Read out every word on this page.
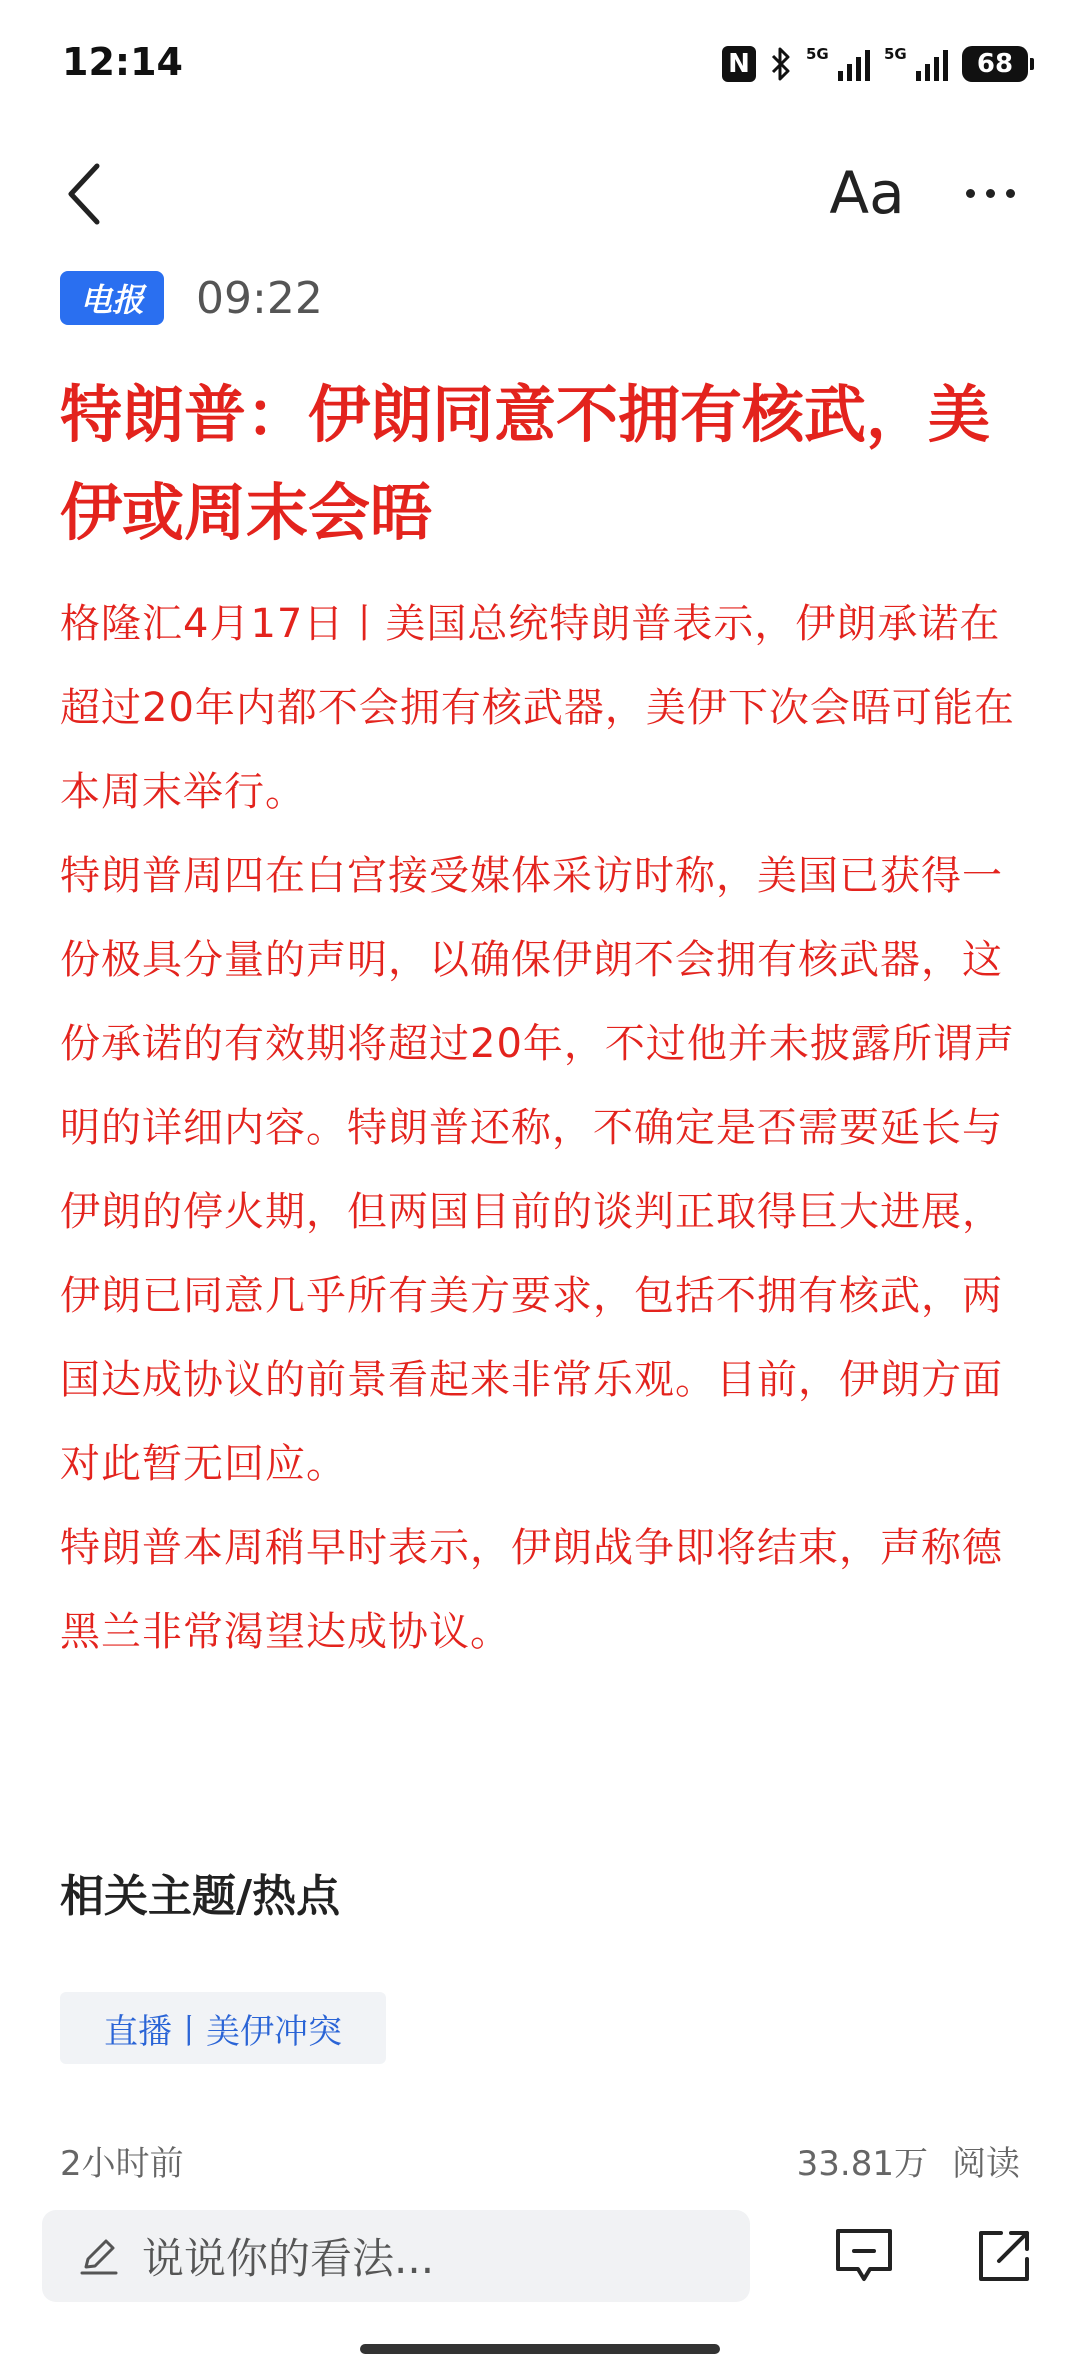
12:14	N	5G	5G	68
Aa
电报	09:22
特朗普：伊朗同意不拥有核武，美伊或周末会晤

格隆汇4月17日丨美国总统特朗普表示，伊朗承诺在超过20年内都不会拥有核武器，美伊下次会晤可能在本周末举行。

特朗普周四在白宫接受媒体采访时称，美国已获得一份极具分量的声明，以确保伊朗不会拥有核武器，这份承诺的有效期将超过20年，不过他并未披露所谓声明的详细内容。特朗普还称，不确定是否需要延长与伊朗的停火期，但两国目前的谈判正取得巨大进展，伊朗已同意几乎所有美方要求，包括不拥有核武，两国达成协议的前景看起来非常乐观。目前，伊朗方面对此暂无回应。

特朗普本周稍早时表示，伊朗战争即将结束，声称德黑兰非常渴望达成协议。

相关主题/热点
直播丨美伊冲突
2小时前	33.81万 阅读
说说你的看法...
